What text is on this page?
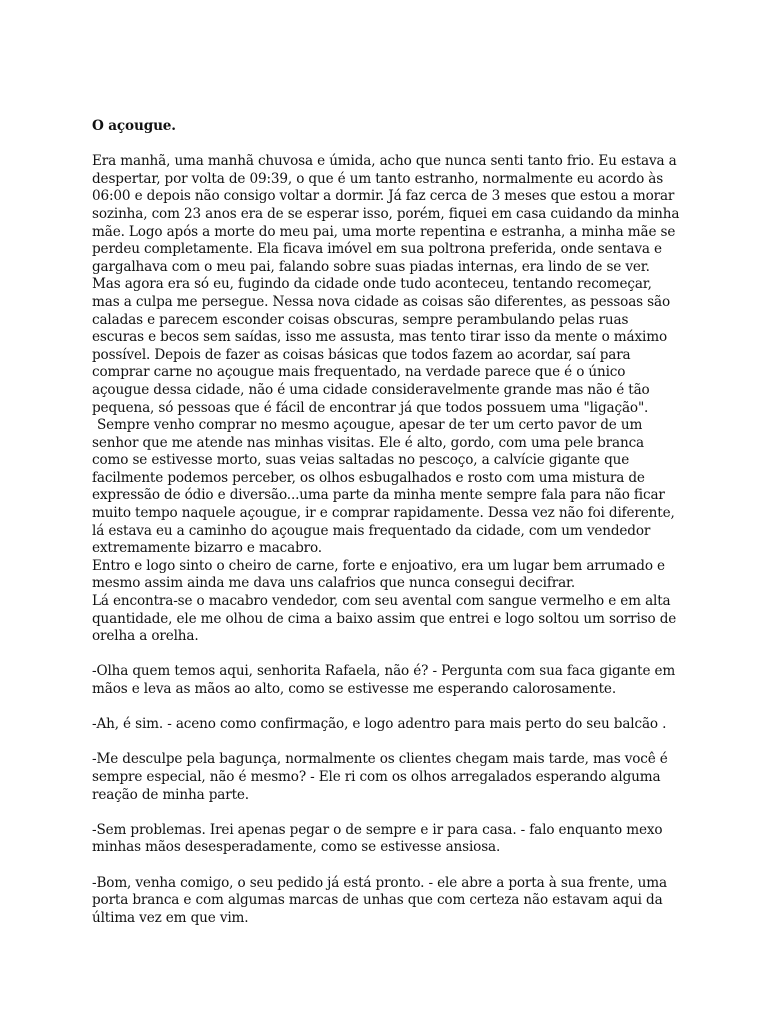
O açougue.

Era manhã, uma manhã chuvosa e úmida, acho que nunca senti tanto frio. Eu estava a despertar, por volta de 09:39, o que é um tanto estranho, normalmente eu acordo às 06:00 e depois não consigo voltar a dormir. Já faz cerca de 3 meses que estou a morar sozinha, com 23 anos era de se esperar isso, porém, fiquei em casa cuidando da minha mãe. Logo após a morte do meu pai, uma morte repentina e estranha, a minha mãe se perdeu completamente. Ela ficava imóvel em sua poltrona preferida, onde sentava e gargalhava com o meu pai, falando sobre suas piadas internas, era lindo de se ver. Mas agora era só eu, fugindo da cidade onde tudo aconteceu, tentando recomeçar, mas a culpa me persegue. Nessa nova cidade as coisas são diferentes, as pessoas são caladas e parecem esconder coisas obscuras, sempre perambulando pelas ruas escuras e becos sem saídas, isso me assusta, mas tento tirar isso da mente o máximo possível. Depois de fazer as coisas básicas que todos fazem ao acordar, saí para comprar carne no açougue mais frequentado, na verdade parece que é o único açougue dessa cidade, não é uma cidade consideravelmente grande mas não é tão pequena, só pessoas que é fácil de encontrar já que todos possuem uma "ligação".

Sempre venho comprar no mesmo açougue, apesar de ter um certo pavor de um senhor que me atende nas minhas visitas. Ele é alto, gordo, com uma pele branca como se estivesse morto, suas veias saltadas no pescoço, a calvície gigante que facilmente podemos perceber, os olhos esbugalhados e rosto com uma mistura de expressão de ódio e diversão...uma parte da minha mente sempre fala para não ficar muito tempo naquele açougue, ir e comprar rapidamente. Dessa vez não foi diferente, lá estava eu a caminho do açougue mais frequentado da cidade, com um vendedor extremamente bizarro e macabro.

Entro e logo sinto o cheiro de carne, forte e enjoativo, era um lugar bem arrumado e mesmo assim ainda me dava uns calafrios que nunca consegui decifrar.

Lá encontra-se o macabro vendedor, com seu avental com sangue vermelho e em alta quantidade, ele me olhou de cima a baixo assim que entrei e logo soltou um sorriso de orelha a orelha.

-Olha quem temos aqui, senhorita Rafaela, não é? - Pergunta com sua faca gigante em mãos e leva as mãos ao alto, como se estivesse me esperando calorosamente.

-Ah, é sim. - aceno como confirmação, e logo adentro para mais perto do seu balcão .

-Me desculpe pela bagunça, normalmente os clientes chegam mais tarde, mas você é sempre especial, não é mesmo? - Ele ri com os olhos arregalados esperando alguma reação de minha parte.

-Sem problemas. Irei apenas pegar o de sempre e ir para casa. - falo enquanto mexo minhas mãos desesperadamente, como se estivesse ansiosa.

-Bom, venha comigo, o seu pedido já está pronto. - ele abre a porta à sua frente, uma porta branca e com algumas marcas de unhas que com certeza não estavam aqui da última vez em que vim.
